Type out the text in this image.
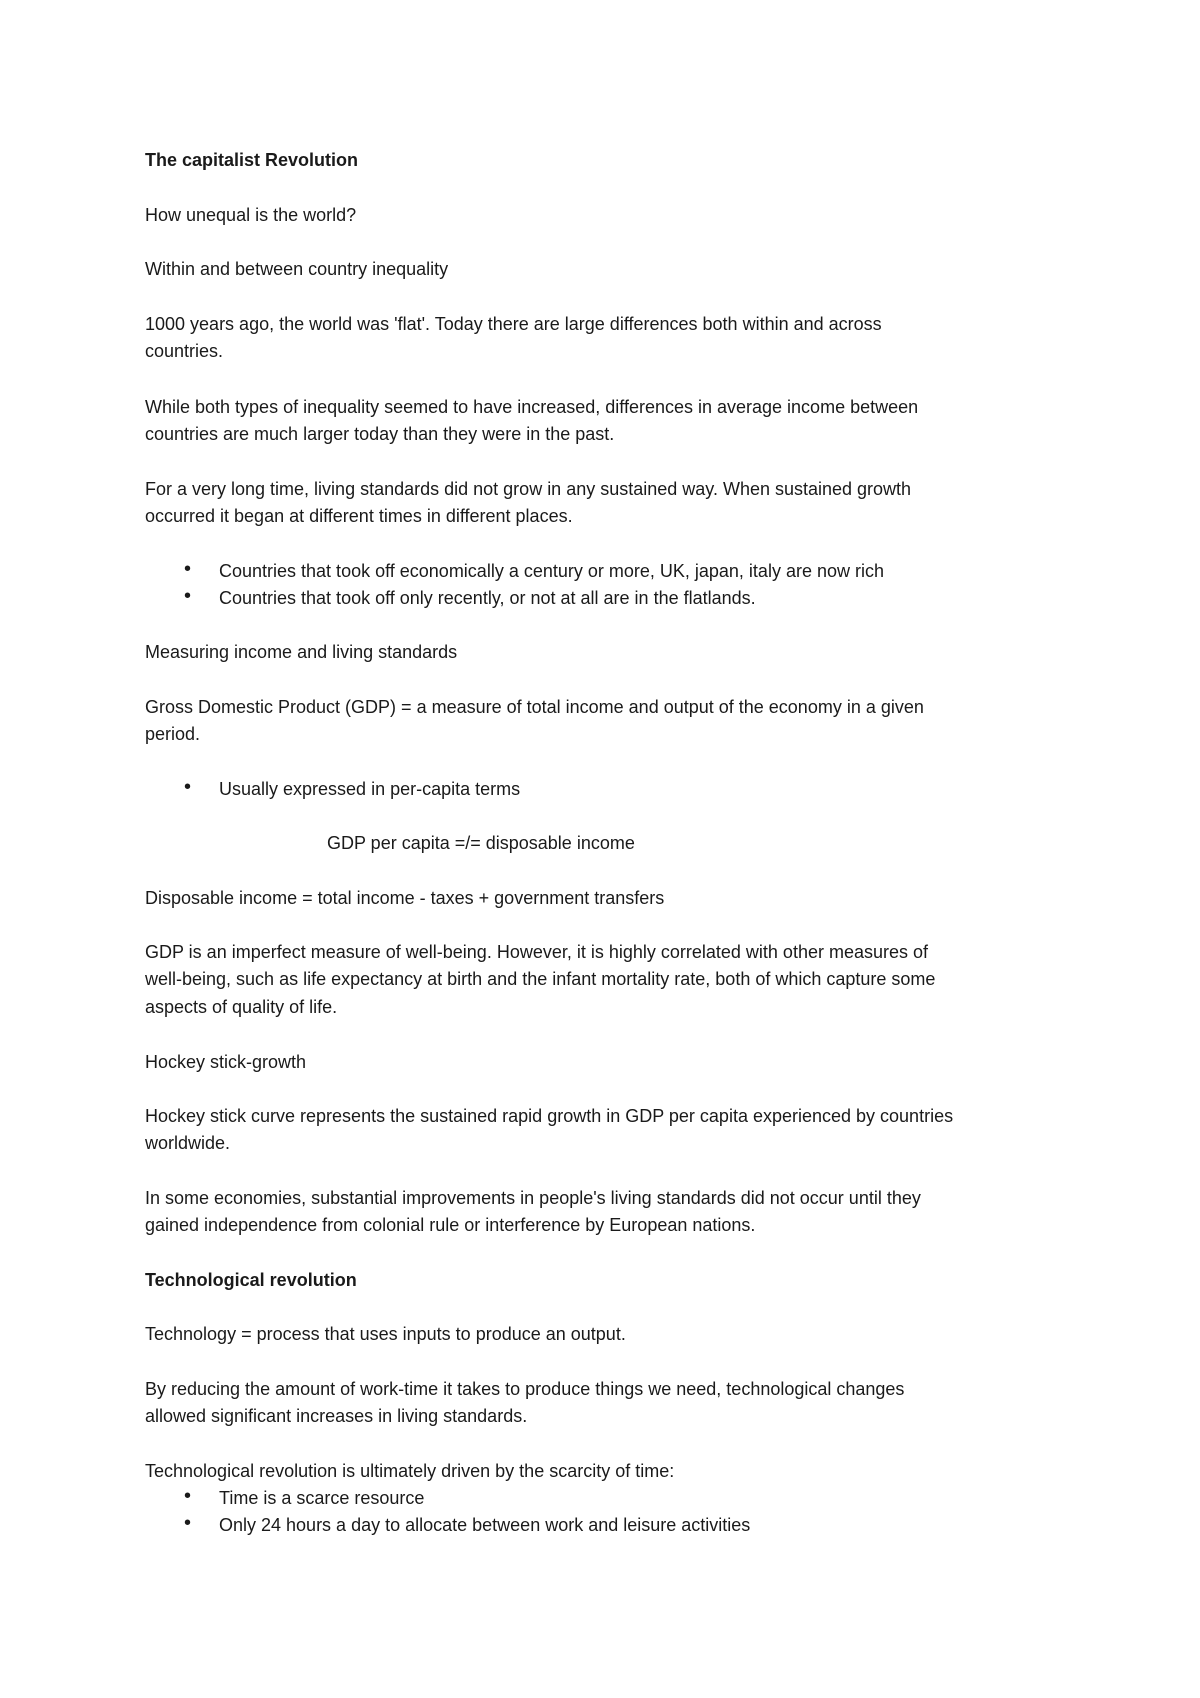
The capitalist Revolution
How unequal is the world?
Within and between country inequality
1000 years ago, the world was 'flat'. Today there are large differences both within and across
countries.
While both types of inequality seemed to have increased, differences in average income between
countries are much larger today than they were in the past.
For a very long time, living standards did not grow in any sustained way. When sustained growth
occurred it began at different times in different places.
• Countries that took off economically a century or more, UK, japan, italy are now rich
• Countries that took off only recently, or not at all are in the flatlands.
Measuring income and living standards
Gross Domestic Product (GDP) = a measure of total income and output of the economy in a given
period.
• Usually expressed in per-capita terms
GDP per capita =/= disposable income
Disposable income = total income - taxes + government transfers
GDP is an imperfect measure of well-being. However, it is highly correlated with other measures of
well-being, such as life expectancy at birth and the infant mortality rate, both of which capture some
aspects of quality of life.
Hockey stick-growth
Hockey stick curve represents the sustained rapid growth in GDP per capita experienced by countries
worldwide.
In some economies, substantial improvements in people's living standards did not occur until they
gained independence from colonial rule or interference by European nations.
Technological revolution
Technology = process that uses inputs to produce an output.
By reducing the amount of work-time it takes to produce things we need, technological changes
allowed significant increases in living standards.
Technological revolution is ultimately driven by the scarcity of time:
• Time is a scarce resource
• Only 24 hours a day to allocate between work and leisure activities
